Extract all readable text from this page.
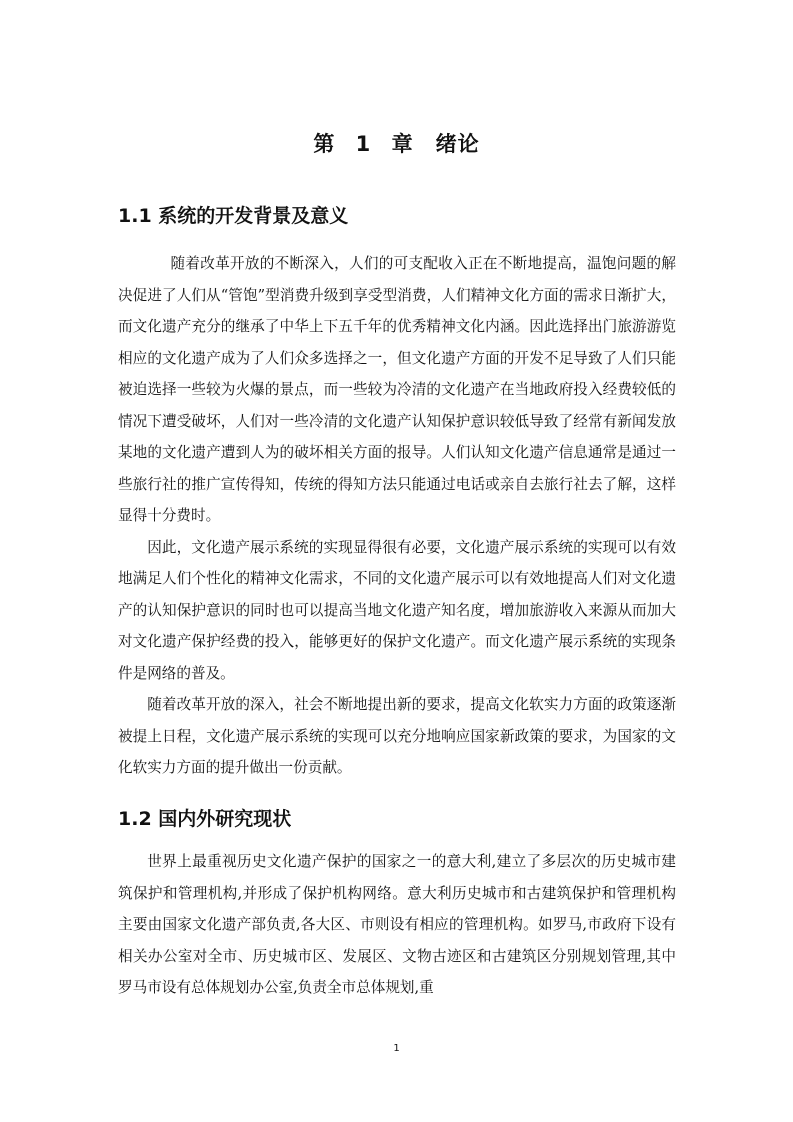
第 1 章　绪论
1.1 系统的开发背景及意义

随着改革开放的不断深入，人们的可支配收入正在不断地提高，温饱问题的解决促进了人们从“管饱”型消费升级到享受型消费，人们精神文化方面的需求日渐扩大，而文化遗产充分的继承了中华上下五千年的优秀精神文化内涵。因此选择出门旅游游览相应的文化遗产成为了人们众多选择之一，但文化遗产方面的开发不足导致了人们只能被迫选择一些较为火爆的景点，而一些较为冷清的文化遗产在当地政府投入经费较低的情况下遭受破坏，人们对一些冷清的文化遗产认知保护意识较低导致了经常有新闻发放某地的文化遗产遭到人为的破坏相关方面的报导。人们认知文化遗产信息通常是通过一些旅行社的推广宣传得知，传统的得知方法只能通过电话或亲自去旅行社去了解，这样显得十分费时。

因此，文化遗产展示系统的实现显得很有必要，文化遗产展示系统的实现可以有效地满足人们个性化的精神文化需求，不同的文化遗产展示可以有效地提高人们对文化遗产的认知保护意识的同时也可以提高当地文化遗产知名度，增加旅游收入来源从而加大对文化遗产保护经费的投入，能够更好的保护文化遗产。而文化遗产展示系统的实现条件是网络的普及。

随着改革开放的深入，社会不断地提出新的要求，提高文化软实力方面的政策逐渐被提上日程，文化遗产展示系统的实现可以充分地响应国家新政策的要求，为国家的文化软实力方面的提升做出一份贡献。

1.2 国内外研究现状

世界上最重视历史文化遗产保护的国家之一的意大利,建立了多层次的历史城市建筑保护和管理机构,并形成了保护机构网络。意大利历史城市和古建筑保护和管理机构主要由国家文化遗产部负责,各大区、市则设有相应的管理机构。如罗马,市政府下设有相关办公室对全市、历史城市区、发展区、文物古迹区和古建筑区分别规划管理,其中罗马市设有总体规划办公室,负责全市总体规划,重

1
